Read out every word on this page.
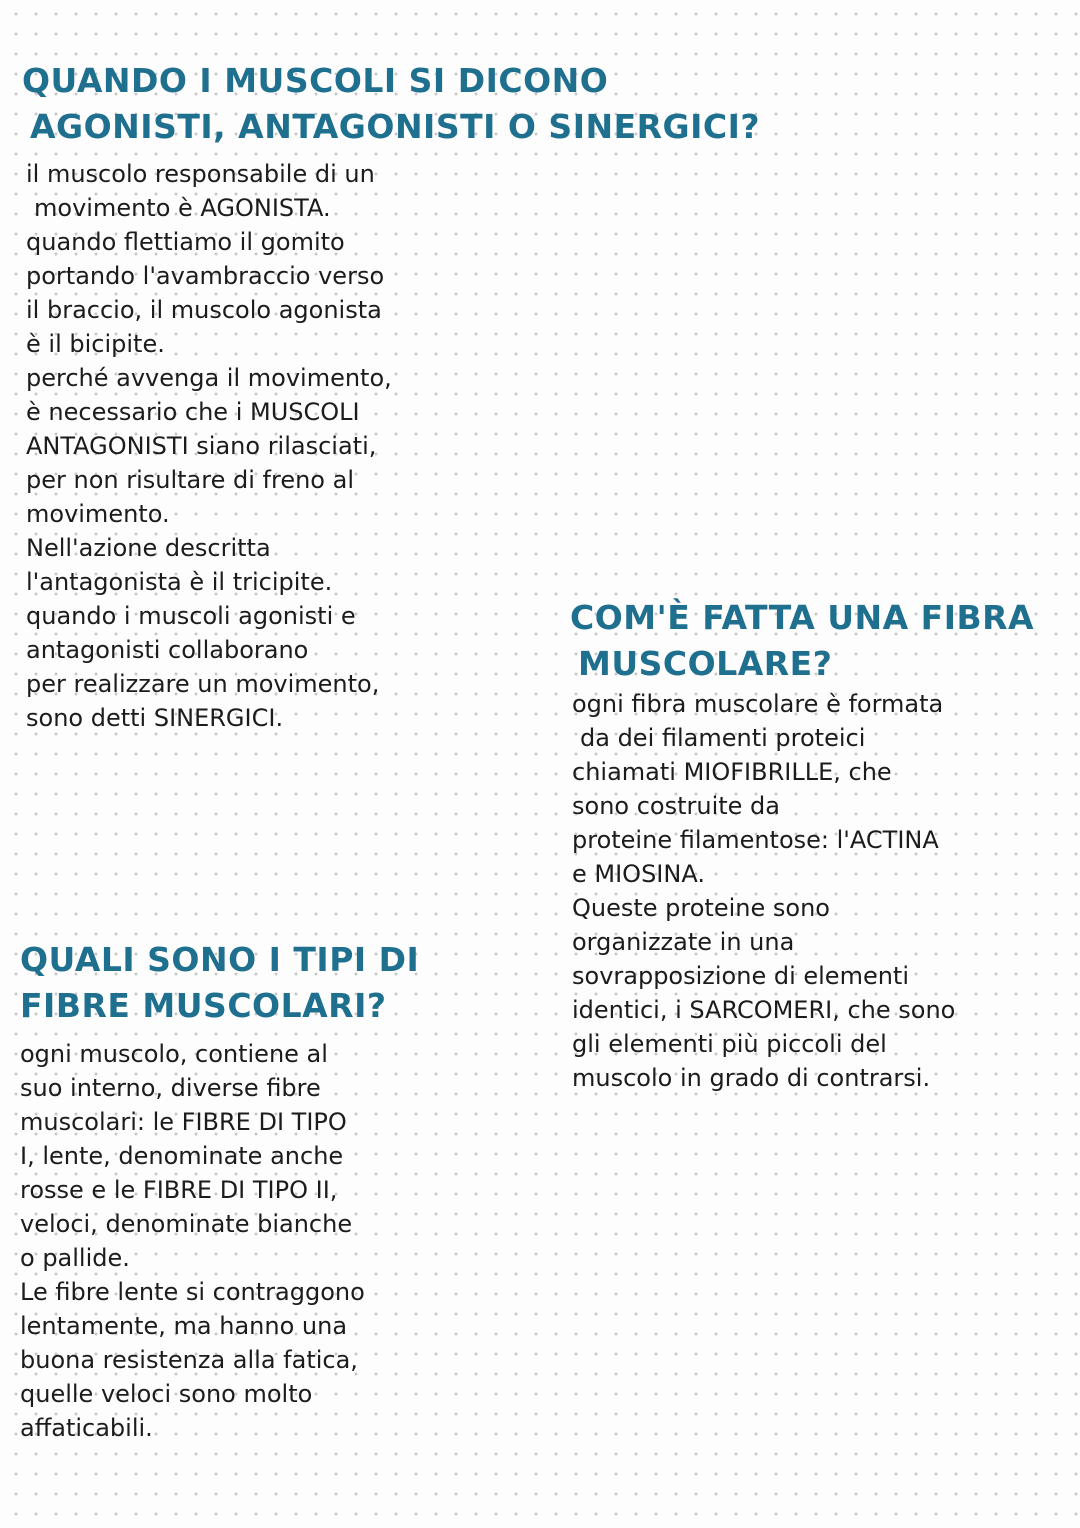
QUANDO I MUSCOLI SI DICONO
AGONISTI, ANTAGONISTI O SINERGICI?
il muscolo responsabile di un
movimento è AGONISTA.
quando flettiamo il gomito
portando l'avambraccio verso
il braccio, il muscolo agonista
è il bicipite.
perché avvenga il movimento,
è necessario che i MUSCOLI
ANTAGONISTI siano rilasciati,
per non risultare di freno al
movimento.
Nell'azione descritta
l'antagonista è il tricipite.
quando i muscoli agonisti e
antagonisti collaborano
per realizzare un movimento,
sono detti SINERGICI.
COM'È FATTA UNA FIBRA
MUSCOLARE?
ogni fibra muscolare è formata
da dei filamenti proteici
chiamati MIOFIBRILLE, che
sono costruite da
proteine filamentose: l'ACTINA
e MIOSINA.
Queste proteine sono
organizzate in una
sovrapposizione di elementi
identici, i SARCOMERI, che sono
gli elementi più piccoli del
muscolo in grado di contrarsi.
QUALI SONO I TIPI DI
FIBRE MUSCOLARI?
ogni muscolo, contiene al
suo interno, diverse fibre
muscolari: le FIBRE DI TIPO
I, lente, denominate anche
rosse e le FIBRE DI TIPO II,
veloci, denominate bianche
o pallide.
Le fibre lente si contraggono
lentamente, ma hanno una
buona resistenza alla fatica,
quelle veloci sono molto
affaticabili.
